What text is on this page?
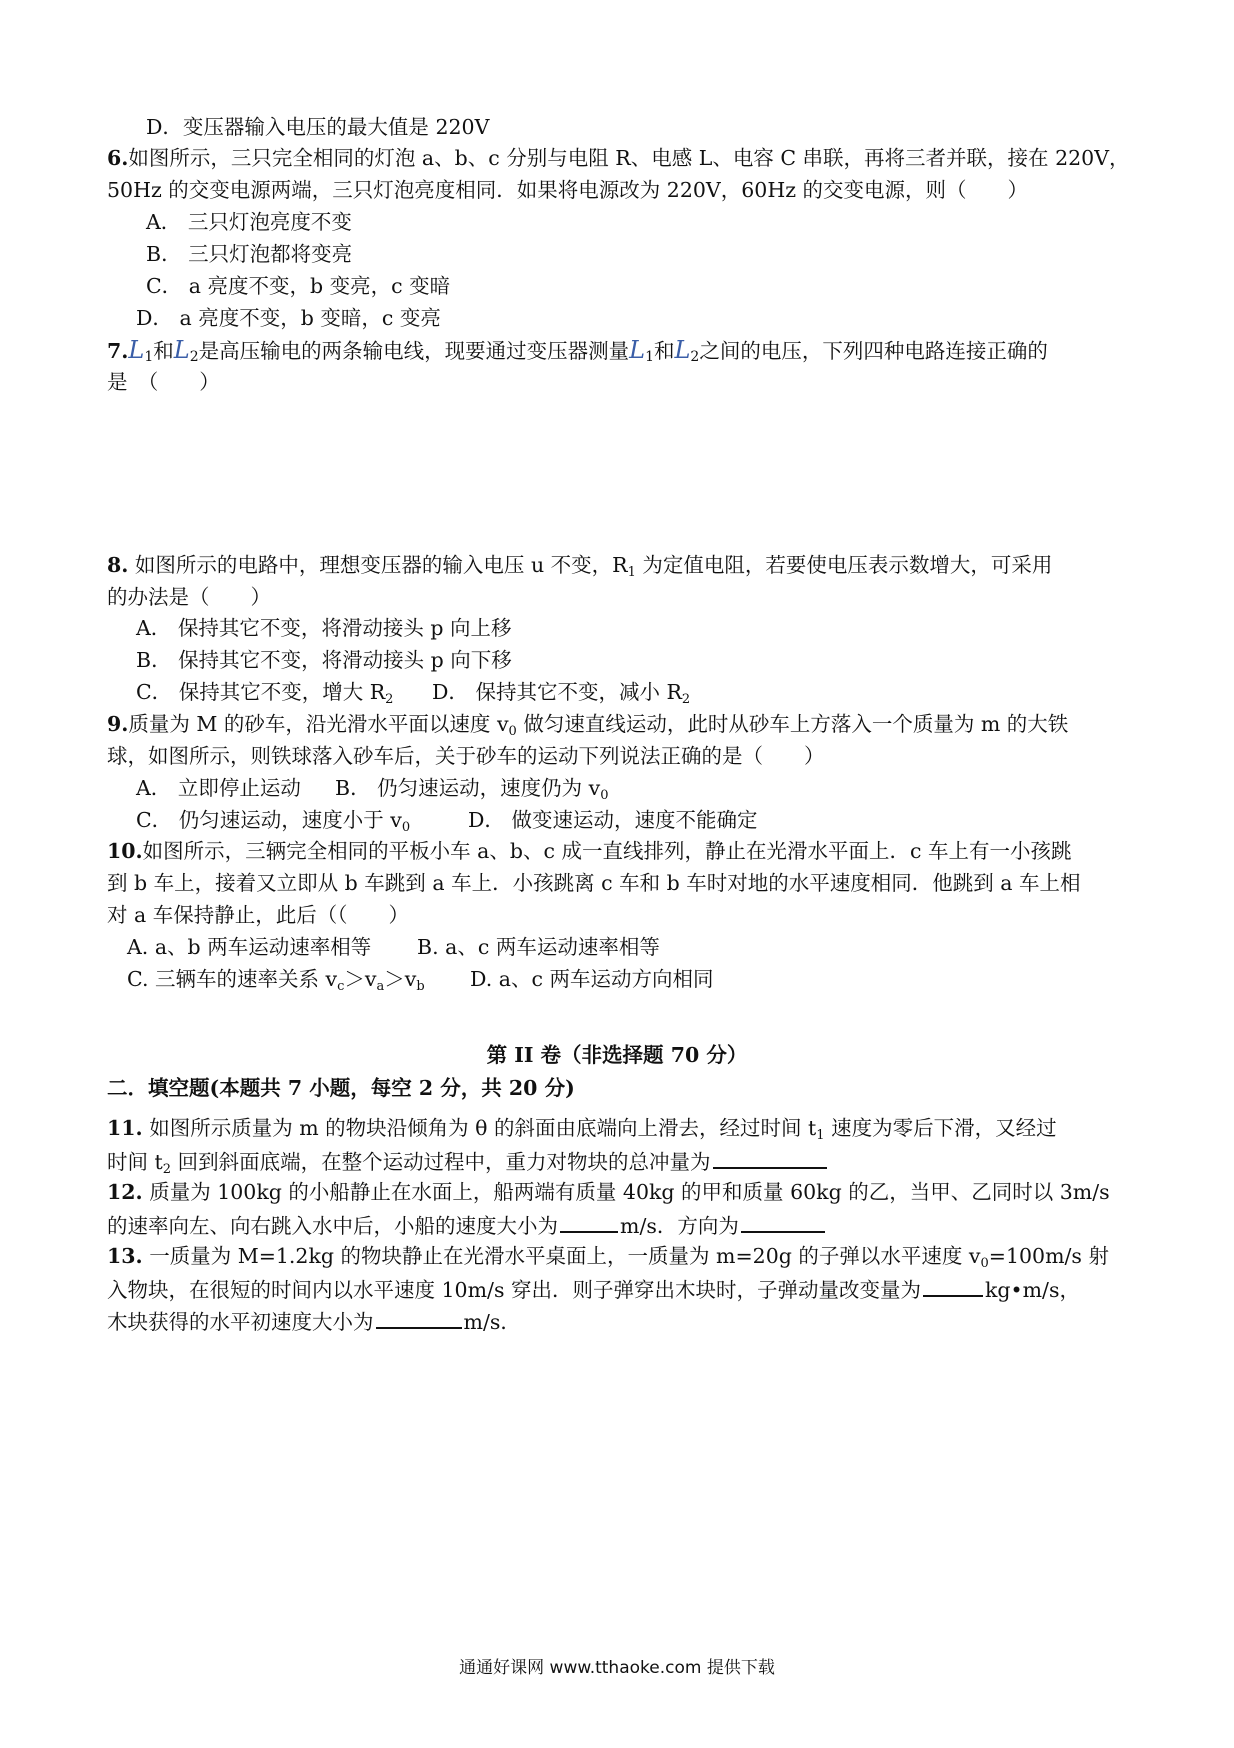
D．变压器输入电压的最大值是 220V
6.如图所示，三只完全相同的灯泡 a、b、c 分别与电阻 R、电感 L、电容 C 串联，再将三者并联，接在 220V，
50Hz 的交变电源两端，三只灯泡亮度相同．如果将电源改为 220V，60Hz 的交变电源，则（　　）
A． 三只灯泡亮度不变
B． 三只灯泡都将变亮
C． a 亮度不变，b 变亮，c 变暗
D． a 亮度不变，b 变暗，c 变亮
7.L1和L2是高压输电的两条输电线，现要通过变压器测量L1和L2之间的电压，下列四种电路连接正确的
是　（　　）
8. 如图所示的电路中，理想变压器的输入电压 u 不变，$R_1$ 为定值电阻，若要使电压表示数增大，可采用
的办法是（　　）
A． 保持其它不变，将滑动接头 p 向上移
B． 保持其它不变，将滑动接头 p 向下移
C． 保持其它不变，增大 $R_2$ D． 保持其它不变，减小 $R_2$
9.质量为 M 的砂车，沿光滑水平面以速度 $v_0$ 做匀速直线运动，此时从砂车上方落入一个质量为 m 的大铁
球，如图所示，则铁球落入砂车后，关于砂车的运动下列说法正确的是（　　）
A． 立即停止运动 B． 仍匀速运动，速度仍为 $v_0$
C． 仍匀速运动，速度小于 $v_0$	D． 做变速运动，速度不能确定
10.如图所示，三辆完全相同的平板小车 a、b、c 成一直线排列，静止在光滑水平面上．c 车上有一小孩跳
到 b 车上，接着又立即从 b 车跳到 a 车上．小孩跳离 c 车和 b 车时对地的水平速度相同．他跳到 a 车上相
对 a 车保持静止，此后（（　　）
A. a、b 两车运动速率相等 B. a、c 两车运动速率相等
C. 三辆车的速率关系 $v_c>v_a>v_b$ D. a、c 两车运动方向相同
第 II 卷（非选择题 70 分）
二．填空题(本题共 7 小题，每空 2 分，共 20 分)
11. 如图所示质量为 m 的物块沿倾角为 θ 的斜面由底端向上滑去，经过时间 $t_1$ 速度为零后下滑，又经过
时间 $t_2$ 回到斜面底端，在整个运动过程中，重力对物块的总冲量为
12. 质量为 100kg 的小船静止在水面上，船两端有质量 40kg 的甲和质量 60kg 的乙，当甲、乙同时以 3m/s
的速率向左、向右跳入水中后，小船的速度大小为	m/s．方向为
13. 一质量为 M=1.2kg 的物块静止在光滑水平桌面上，一质量为 m=20g 的子弹以水平速度 $v_0=100m/s$ 射
入物块，在很短的时间内以水平速度 10m/s 穿出．则子弹穿出木块时，子弹动量改变量为	kg•m/s，
木块获得的水平初速度大小为	m/s．
通通好课网 www.tthaoke.com 提供下载
